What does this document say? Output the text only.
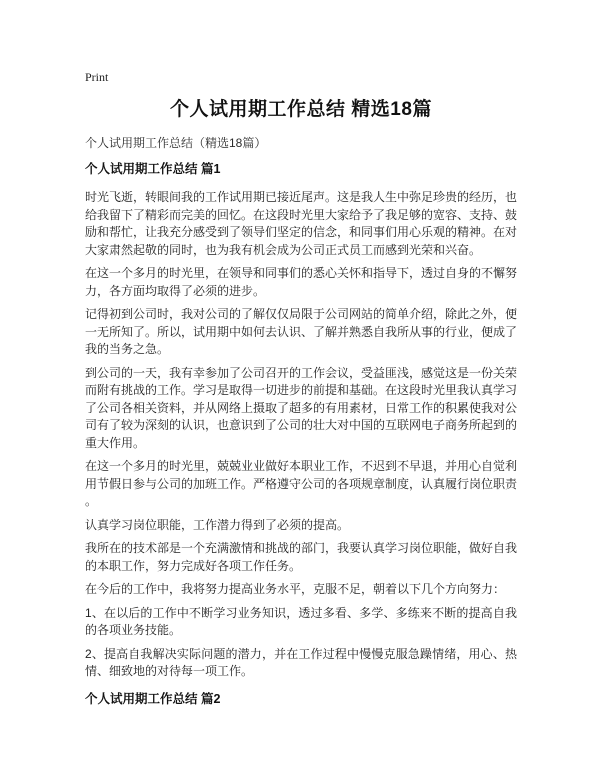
Print
个人试用期工作总结 精选18篇
个人试用期工作总结（精选18篇）
个人试用期工作总结 篇1

时光飞逝，转眼间我的工作试用期已接近尾声。这是我人生中弥足珍贵的经历，也给我留下了精彩而完美的回忆。在这段时光里大家给予了我足够的宽容、支持、鼓励和帮忙，让我充分感受到了领导们坚定的信念，和同事们用心乐观的精神。在对大家肃然起敬的同时，也为我有机会成为公司正式员工而感到光荣和兴奋。

在这一个多月的时光里，在领导和同事们的悉心关怀和指导下，透过自身的不懈努力，各方面均取得了必须的进步。

记得初到公司时，我对公司的了解仅仅局限于公司网站的简单介绍，除此之外，便一无所知了。所以，试用期中如何去认识、了解并熟悉自我所从事的行业，便成了我的当务之急。

到公司的一天，我有幸参加了公司召开的工作会议，受益匪浅，感觉这是一份关荣而附有挑战的工作。学习是取得一切进步的前提和基础。在这段时光里我认真学习了公司各相关资料，并从网络上摄取了超多的有用素材，日常工作的积累使我对公司有了较为深刻的认识，也意识到了公司的壮大对中国的互联网电子商务所起到的重大作用。

在这一个多月的时光里，兢兢业业做好本职业工作，不迟到不早退，并用心自觉利用节假日参与公司的加班工作。严格遵守公司的各项规章制度，认真履行岗位职责。

认真学习岗位职能，工作潜力得到了必须的提高。

我所在的技术部是一个充满激情和挑战的部门，我要认真学习岗位职能，做好自我的本职工作，努力完成好各项工作任务。

在今后的工作中，我将努力提高业务水平，克服不足，朝着以下几个方向努力：

1、在以后的工作中不断学习业务知识，透过多看、多学、多练来不断的提高自我的各项业务技能。

2、提高自我解决实际问题的潜力，并在工作过程中慢慢克服急躁情绪，用心、热情、细致地的对待每一项工作。

个人试用期工作总结 篇2
